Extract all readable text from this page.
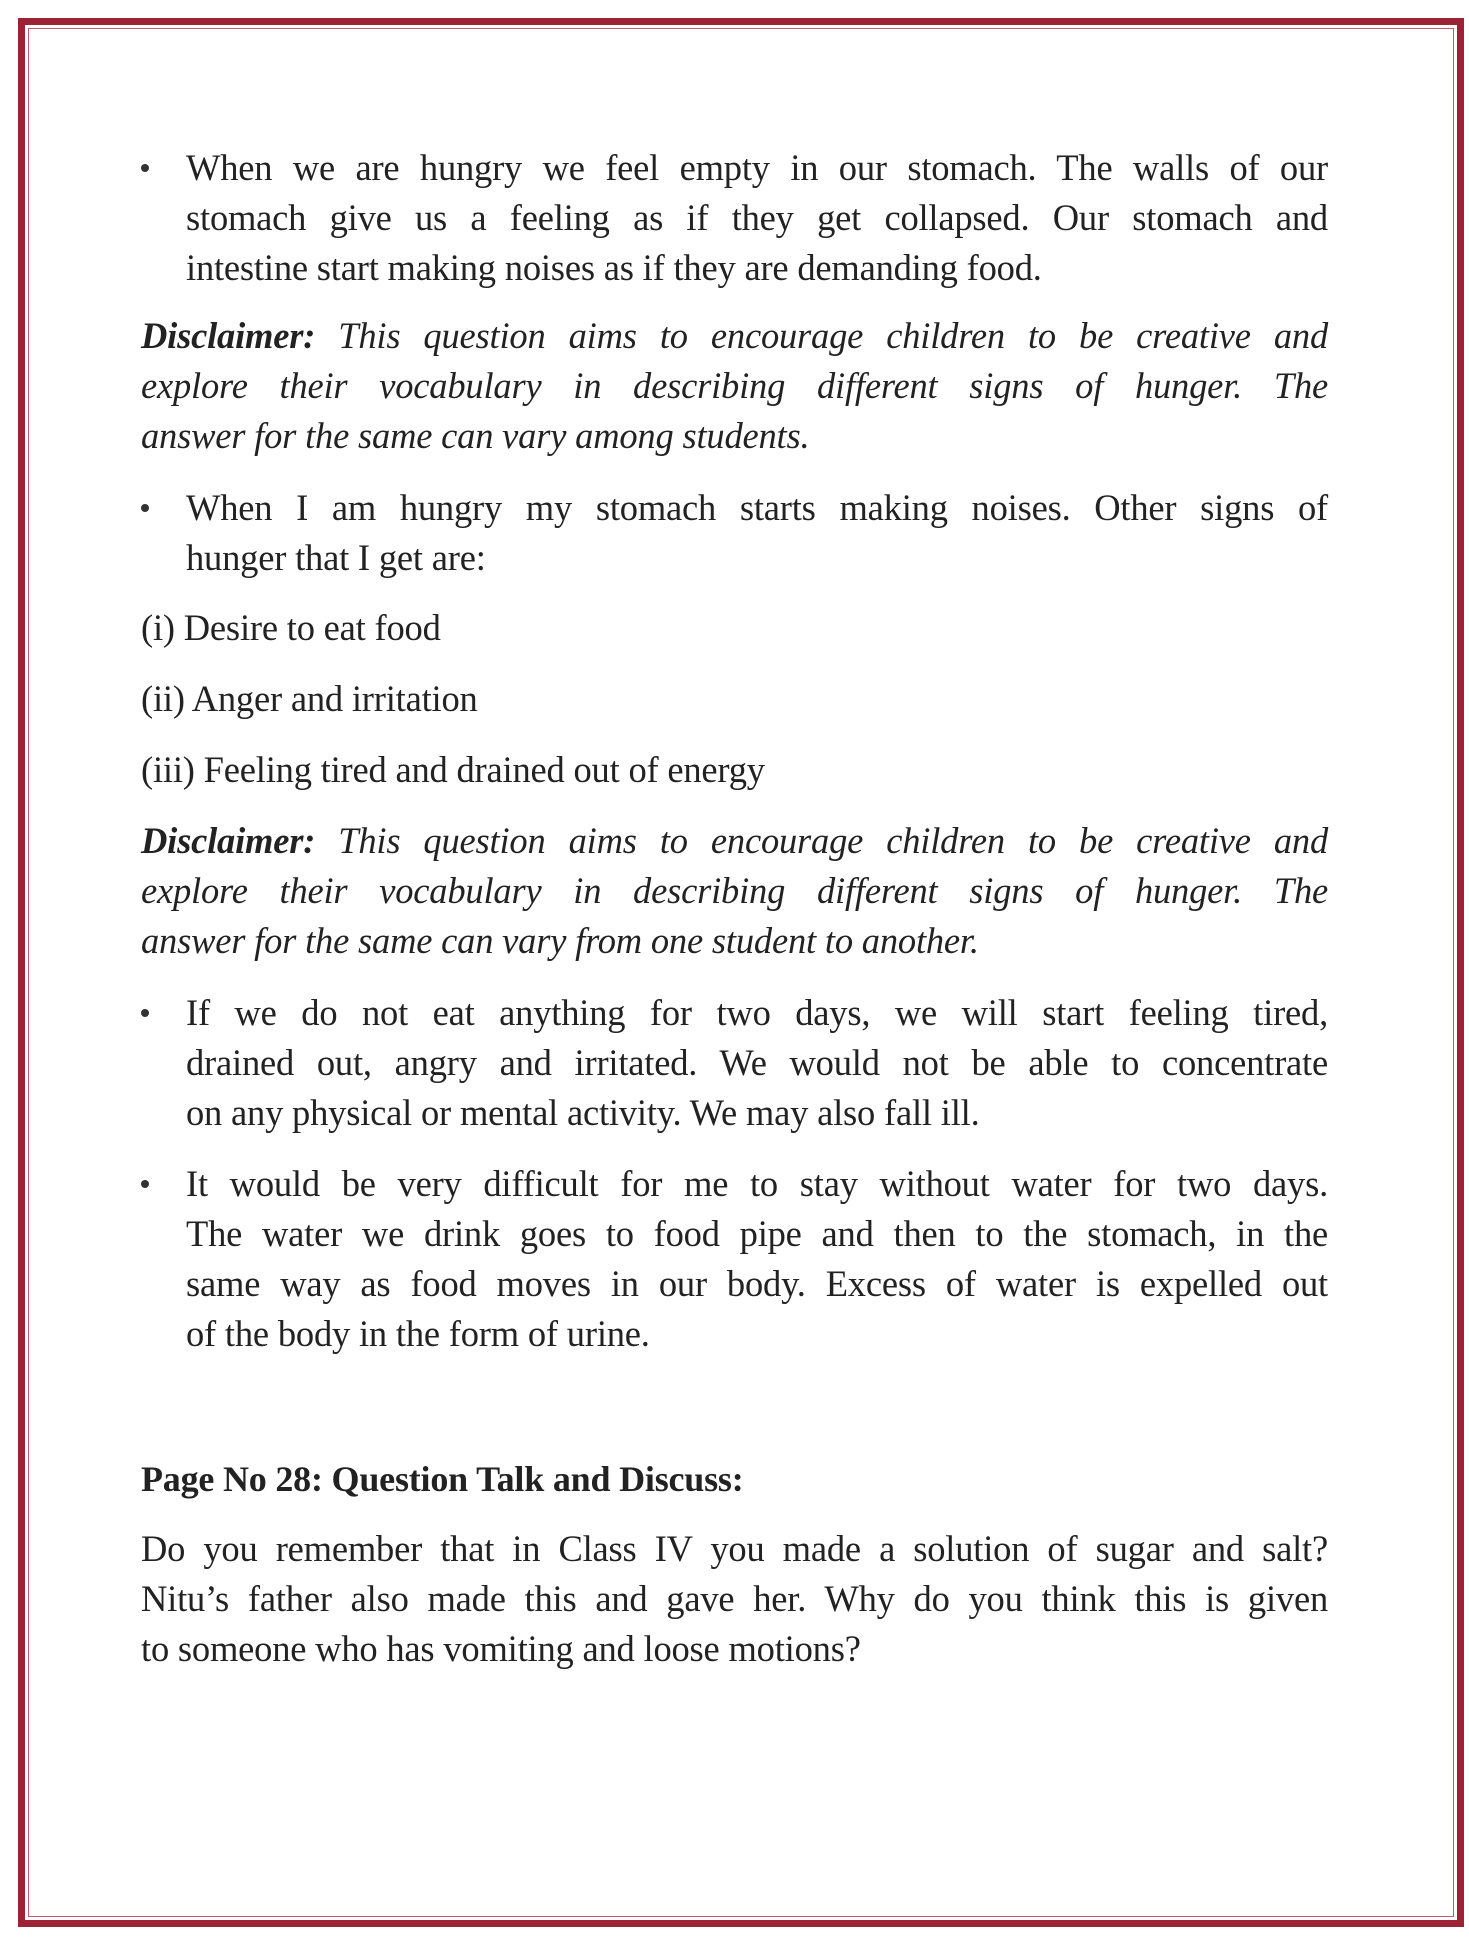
When we are hungry we feel empty in our stomach. The walls of our
stomach give us a feeling as if they get collapsed. Our stomach and
intestine start making noises as if they are demanding food.
Disclaimer: This question aims to encourage children to be creative and
explore their vocabulary in describing different signs of hunger. The
answer for the same can vary among students.
When I am hungry my stomach starts making noises. Other signs of
hunger that I get are:
(i) Desire to eat food
(ii) Anger and irritation
(iii) Feeling tired and drained out of energy
Disclaimer: This question aims to encourage children to be creative and
explore their vocabulary in describing different signs of hunger. The
answer for the same can vary from one student to another.
If we do not eat anything for two days, we will start feeling tired,
drained out, angry and irritated. We would not be able to concentrate
on any physical or mental activity. We may also fall ill.
It would be very difficult for me to stay without water for two days.
The water we drink goes to food pipe and then to the stomach, in the
same way as food moves in our body. Excess of water is expelled out
of the body in the form of urine.
Page No 28: Question Talk and Discuss:
Do you remember that in Class IV you made a solution of sugar and salt?
Nitu’s father also made this and gave her. Why do you think this is given
to someone who has vomiting and loose motions?
